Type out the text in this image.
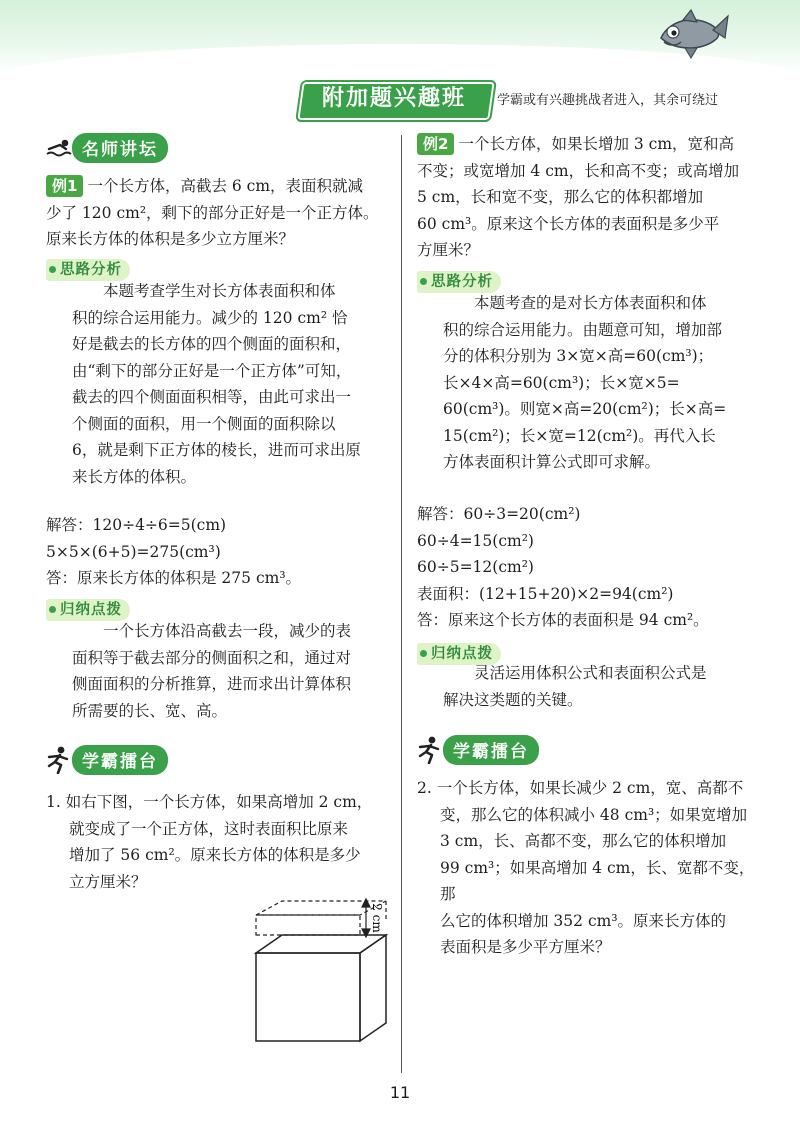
附加题兴趣班	学霸或有兴趣挑战者进入，其余可绕过
名师讲坛
例1 一个长方体，高截去 6 cm，表面积就减
少了 120 cm²，剩下的部分正好是一个正方体。
原来长方体的体积是多少立方厘米？
思路分析
本题考查学生对长方体表面积和体
积的综合运用能力。减少的 120 cm² 恰
好是截去的长方体的四个侧面的面积和，
由“剩下的部分正好是一个正方体”可知，
截去的四个侧面面积相等，由此可求出一
个侧面的面积，用一个侧面的面积除以
6，就是剩下正方体的棱长，进而可求出原
来长方体的体积。
解答：120÷4÷6=5(cm)
5×5×(6+5)=275(cm³)
答：原来长方体的体积是 275 cm³。
归纳点拨
一个长方体沿高截去一段，减少的表
面积等于截去部分的侧面积之和，通过对
侧面面积的分析推算，进而求出计算体积
所需要的长、宽、高。
学霸擂台
1. 如右下图，一个长方体，如果高增加 2 cm，
就变成了一个正方体，这时表面积比原来
增加了 56 cm²。原来长方体的体积是多少
立方厘米？
2 cm
例2 一个长方体，如果长增加 3 cm，宽和高
不变；或宽增加 4 cm，长和高不变；或高增加
5 cm，长和宽不变，那么它的体积都增加
60 cm³。原来这个长方体的表面积是多少平
方厘米？
思路分析
本题考查的是对长方体表面积和体
积的综合运用能力。由题意可知，增加部
分的体积分别为 3×宽×高=60(cm³)；
长×4×高=60(cm³)；长×宽×5=
60(cm³)。则宽×高=20(cm²)；长×高=
15(cm²)；长×宽=12(cm²)。再代入长
方体表面积计算公式即可求解。
解答：60÷3=20(cm²)
60÷4=15(cm²)
60÷5=12(cm²)
表面积：(12+15+20)×2=94(cm²)
答：原来这个长方体的表面积是 94 cm²。
归纳点拨
灵活运用体积公式和表面积公式是
解决这类题的关键。
学霸擂台
2. 一个长方体，如果长减少 2 cm，宽、高都不
变，那么它的体积减小 48 cm³；如果宽增加
3 cm，长、高都不变，那么它的体积增加
99 cm³；如果高增加 4 cm，长、宽都不变，那
么它的体积增加 352 cm³。原来长方体的
表面积是多少平方厘米？
11
